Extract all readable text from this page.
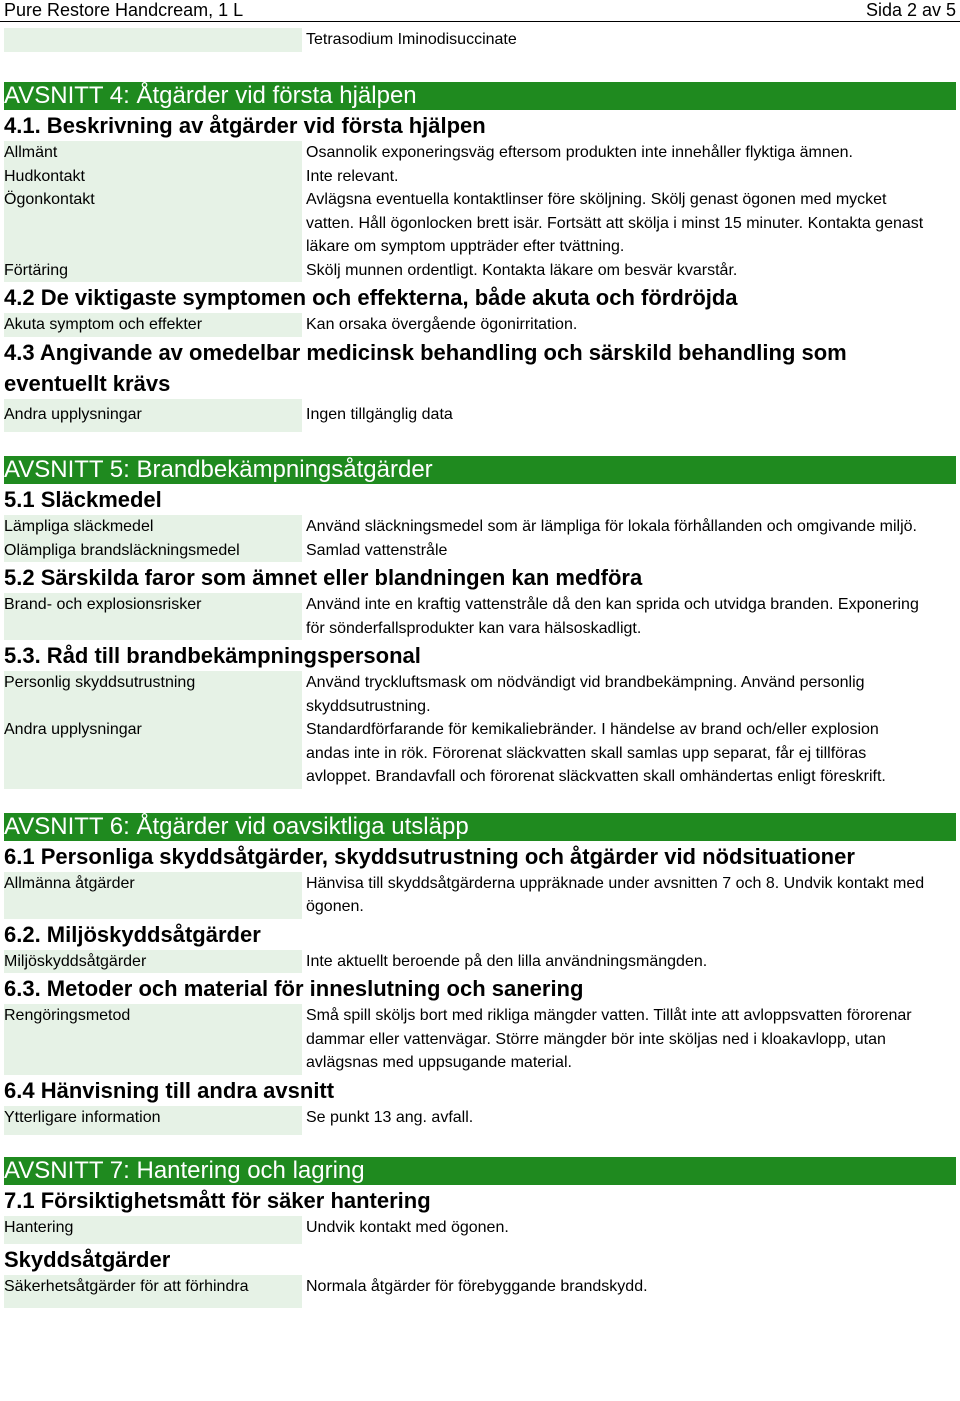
Pure Restore Handcream, 1 L	Sida 2 av 5
Tetrasodium Iminodisuccinate
AVSNITT 4: Åtgärder vid första hjälpen
4.1. Beskrivning av åtgärder vid första hjälpen
Allmänt	Osannolik exponeringsväg eftersom produkten inte innehåller flyktiga ämnen.
Hudkontakt	Inte relevant.
Ögonkontakt	Avlägsna eventuella kontaktlinser före sköljning. Skölj genast ögonen med mycket vatten. Håll ögonlocken brett isär. Fortsätt att skölja i minst 15 minuter. Kontakta genast läkare om symptom uppträder efter tvättning.
Förtäring	Skölj munnen ordentligt. Kontakta läkare om besvär kvarstår.
4.2 De viktigaste symptomen och effekterna, både akuta och fördröjda
Akuta symptom och effekter	Kan orsaka övergående ögonirritation.
4.3 Angivande av omedelbar medicinsk behandling och särskild behandling som eventuellt krävs
Andra upplysningar	Ingen tillgänglig data
AVSNITT 5: Brandbekämpningsåtgärder
5.1 Släckmedel
Lämpliga släckmedel	Använd släckningsmedel som är lämpliga för lokala förhållanden och omgivande miljö.
Olämpliga brandsläckningsmedel	Samlad vattenstråle
5.2 Särskilda faror som ämnet eller blandningen kan medföra
Brand- och explosionsrisker	Använd inte en kraftig vattenstråle då den kan sprida och utvidga branden. Exponering för sönderfallsprodukter kan vara hälsoskadligt.
5.3. Råd till brandbekämpningspersonal
Personlig skyddsutrustning	Använd tryckluftsmask om nödvändigt vid brandbekämpning. Använd personlig skyddsutrustning.
Andra upplysningar	Standardförfarande för kemikaliebränder. I händelse av brand och/eller explosion andas inte in rök. Förorenat släckvatten skall samlas upp separat, får ej tillföras avloppet. Brandavfall och förorenat släckvatten skall omhändertas enligt föreskrift.
AVSNITT 6: Åtgärder vid oavsiktliga utsläpp
6.1 Personliga skyddsåtgärder, skyddsutrustning och åtgärder vid nödsituationer
Allmänna åtgärder	Hänvisa till skyddsåtgärderna uppräknade under avsnitten 7 och 8. Undvik kontakt med ögonen.
6.2. Miljöskyddsåtgärder
Miljöskyddsåtgärder	Inte aktuellt beroende på den lilla användningsmängden.
6.3. Metoder och material för inneslutning och sanering
Rengöringsmetod	Små spill sköljs bort med rikliga mängder vatten. Tillåt inte att avloppsvatten förorenar dammar eller vattenvägar. Större mängder bör inte sköljas ned i kloakavlopp, utan avlägsnas med uppsugande material.
6.4 Hänvisning till andra avsnitt
Ytterligare information	Se punkt 13 ang. avfall.
AVSNITT 7: Hantering och lagring
7.1 Försiktighetsmått för säker hantering
Hantering	Undvik kontakt med ögonen.
Skyddsåtgärder
Säkerhetsåtgärder för att förhindra	Normala åtgärder för förebyggande brandskydd.
